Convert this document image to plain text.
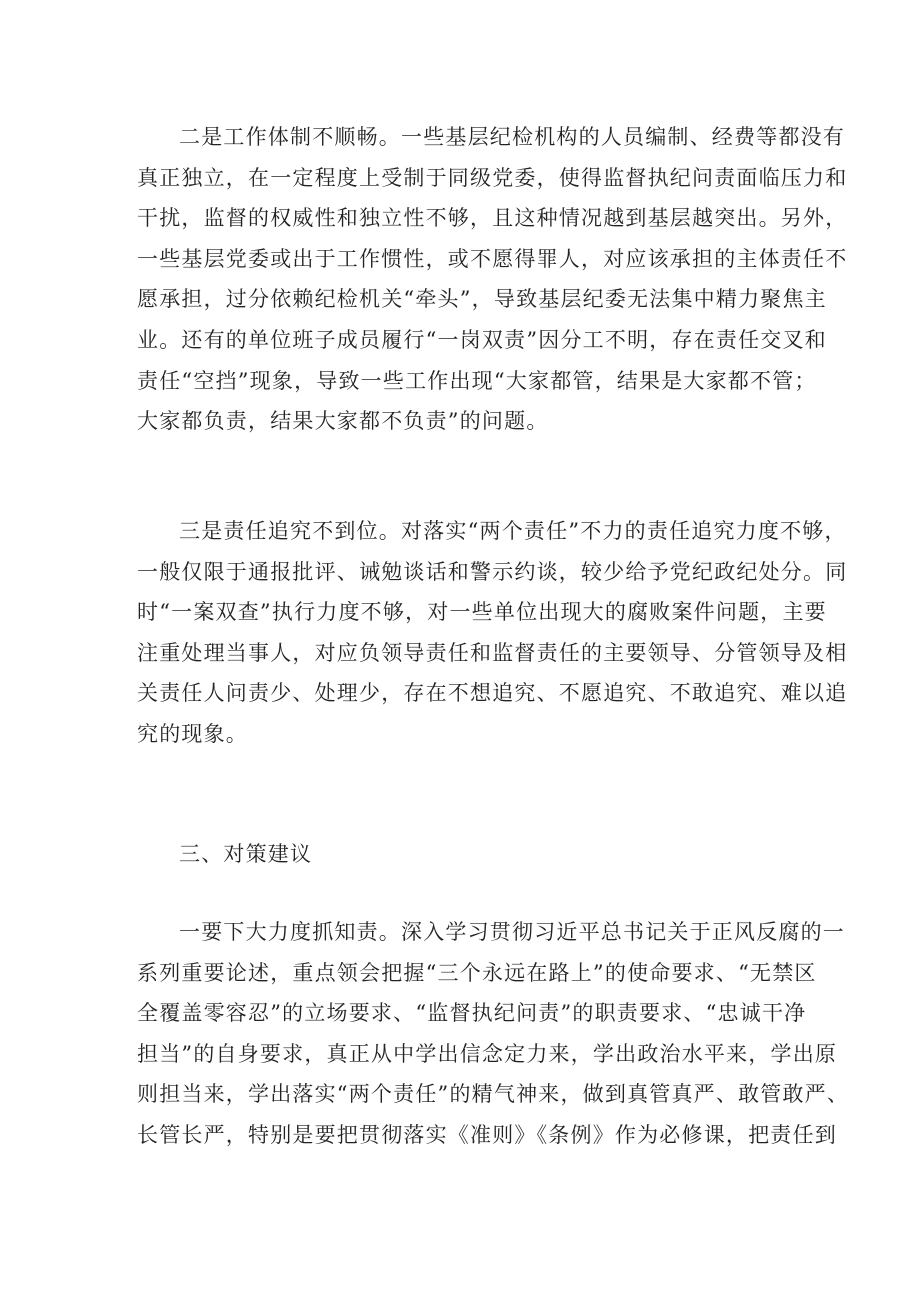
二是工作体制不顺畅。一些基层纪检机构的人员编制、经费等都没有
真正独立，在一定程度上受制于同级党委，使得监督执纪问责面临压力和
干扰，监督的权威性和独立性不够，且这种情况越到基层越突出。另外，
一些基层党委或出于工作惯性，或不愿得罪人，对应该承担的主体责任不
愿承担，过分依赖纪检机关“牵头”，导致基层纪委无法集中精力聚焦主
业。还有的单位班子成员履行“一岗双责”因分工不明，存在责任交叉和
责任“空挡”现象，导致一些工作出现“大家都管，结果是大家都不管；
大家都负责，结果大家都不负责”的问题。
三是责任追究不到位。对落实“两个责任”不力的责任追究力度不够，
一般仅限于通报批评、诫勉谈话和警示约谈，较少给予党纪政纪处分。同
时“一案双查”执行力度不够，对一些单位出现大的腐败案件问题，主要
注重处理当事人，对应负领导责任和监督责任的主要领导、分管领导及相
关责任人问责少、处理少，存在不想追究、不愿追究、不敢追究、难以追
究的现象。
三、对策建议
一要下大力度抓知责。深入学习贯彻习近平总书记关于正风反腐的一
系列重要论述，重点领会把握“三个永远在路上”的使命要求、“无禁区
全覆盖零容忍”的立场要求、“监督执纪问责”的职责要求、“忠诚干净
担当”的自身要求，真正从中学出信念定力来，学出政治水平来，学出原
则担当来，学出落实“两个责任”的精气神来，做到真管真严、敢管敢严、
长管长严，特别是要把贯彻落实《准则》《条例》作为必修课，把责任到
